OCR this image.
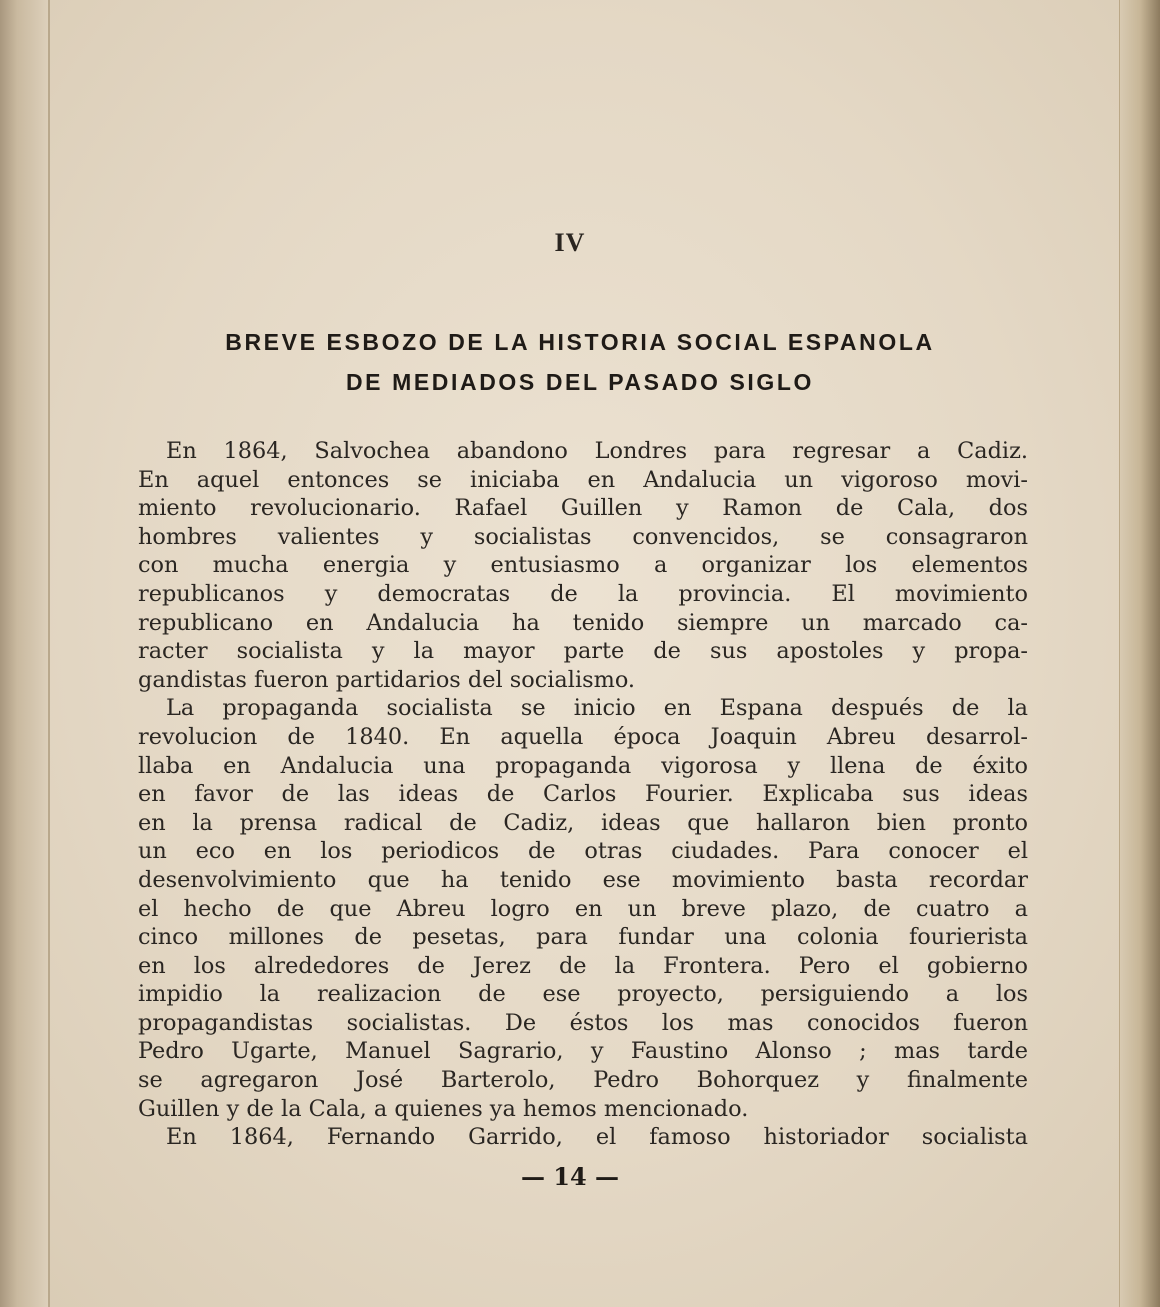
IV
BREVE ESBOZO DE LA HISTORIA SOCIAL ESPANOLA
DE MEDIADOS DEL PASADO SIGLO
En 1864, Salvochea abandono Londres para regresar a Cadiz.
En aquel entonces se iniciaba en Andalucia un vigoroso movi-
miento revolucionario. Rafael Guillen y Ramon de Cala, dos
hombres valientes y socialistas convencidos, se consagraron
con mucha energia y entusiasmo a organizar los elementos
republicanos y democratas de la provincia. El movimiento
republicano en Andalucia ha tenido siempre un marcado ca-
racter socialista y la mayor parte de sus apostoles y propa-
gandistas fueron partidarios del socialismo.
La propaganda socialista se inicio en Espana después de la
revolucion de 1840. En aquella época Joaquin Abreu desarrol-
llaba en Andalucia una propaganda vigorosa y llena de éxito
en favor de las ideas de Carlos Fourier. Explicaba sus ideas
en la prensa radical de Cadiz, ideas que hallaron bien pronto
un eco en los periodicos de otras ciudades. Para conocer el
desenvolvimiento que ha tenido ese movimiento basta recordar
el hecho de que Abreu logro en un breve plazo, de cuatro a
cinco millones de pesetas, para fundar una colonia fourierista
en los alrededores de Jerez de la Frontera. Pero el gobierno
impidio la realizacion de ese proyecto, persiguiendo a los
propagandistas socialistas. De éstos los mas conocidos fueron
Pedro Ugarte, Manuel Sagrario, y Faustino Alonso ; mas tarde
se agregaron José Barterolo, Pedro Bohorquez y finalmente
Guillen y de la Cala, a quienes ya hemos mencionado.
En 1864, Fernando Garrido, el famoso historiador socialista
— 14 —
